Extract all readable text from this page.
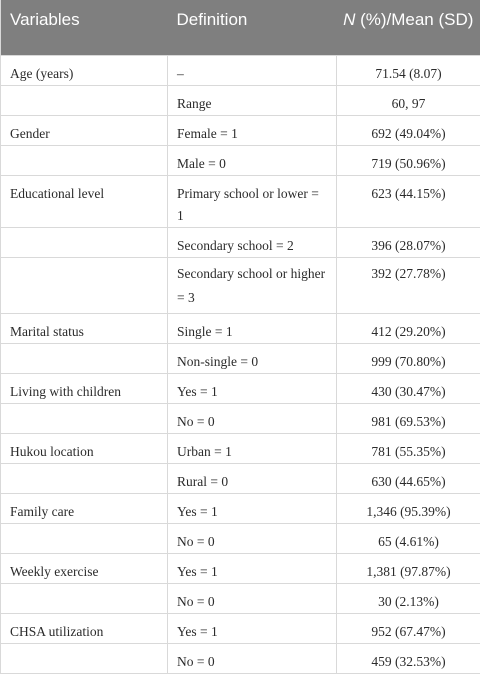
Variables	Definition	N (%)/Mean (SD)
Age (years)	–	71.54 (8.07)
	Range	60, 97
Gender	Female = 1	692 (49.04%)
	Male = 0	719 (50.96%)
Educational level	Primary school or lower = 1	623 (44.15%)
	Secondary school = 2	396 (28.07%)
	Secondary school or higher = 3	392 (27.78%)
Marital status	Single = 1	412 (29.20%)
	Non-single = 0	999 (70.80%)
Living with children	Yes = 1	430 (30.47%)
	No = 0	981 (69.53%)
Hukou location	Urban = 1	781 (55.35%)
	Rural = 0	630 (44.65%)
Family care	Yes = 1	1,346 (95.39%)
	No = 0	65 (4.61%)
Weekly exercise	Yes = 1	1,381 (97.87%)
	No = 0	30 (2.13%)
CHSA utilization	Yes = 1	952 (67.47%)
	No = 0	459 (32.53%)
